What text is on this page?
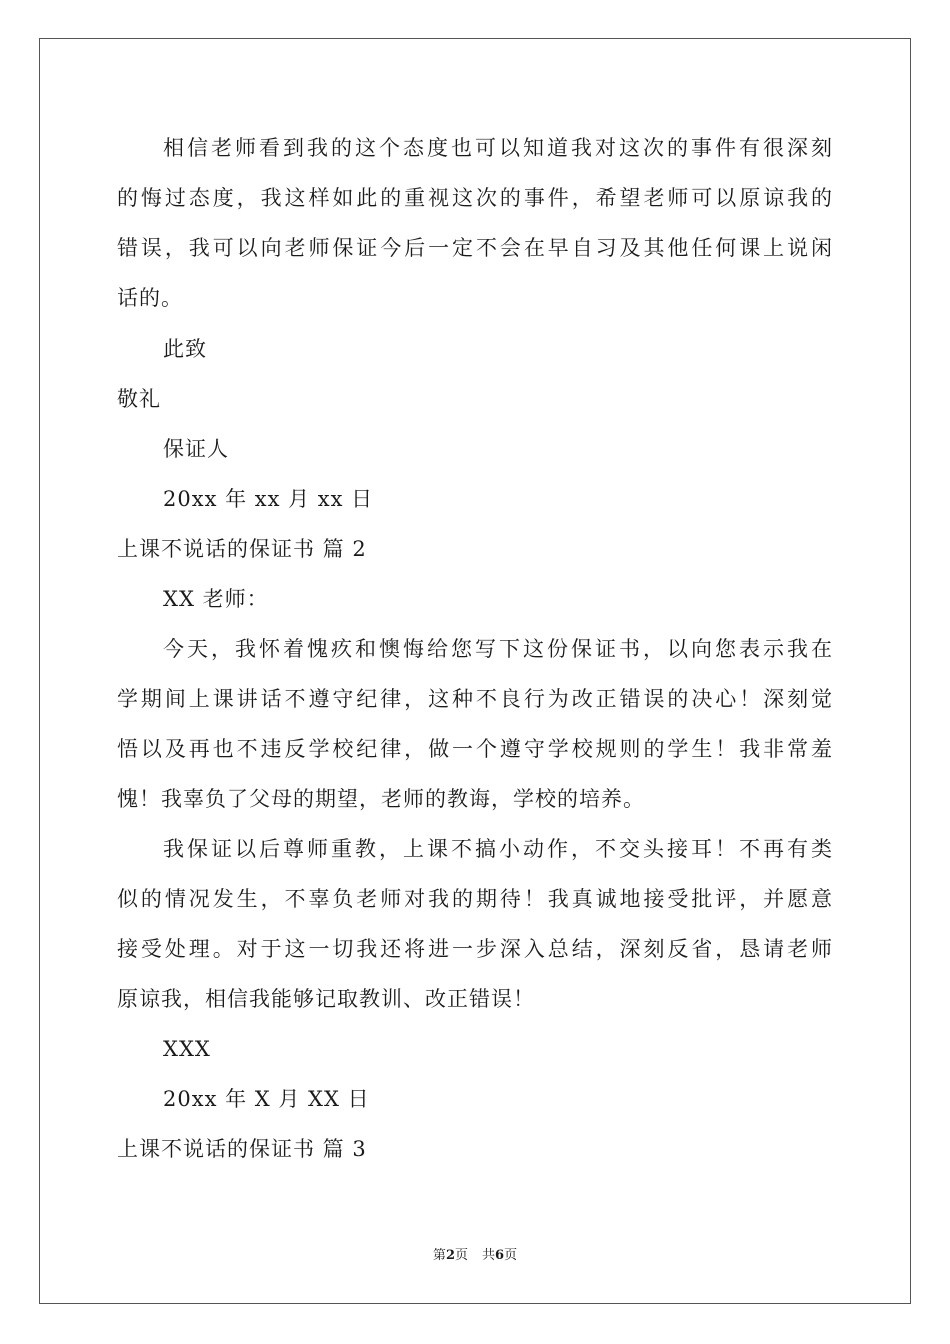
相信老师看到我的这个态度也可以知道我对这次的事件有很深刻
的悔过态度，我这样如此的重视这次的事件，希望老师可以原谅我的
错误，我可以向老师保证今后一定不会在早自习及其他任何课上说闲
话的。
此致
敬礼
保证人
20xx 年 xx 月 xx 日
上课不说话的保证书 篇 2
XX 老师：
今天，我怀着愧疚和懊悔给您写下这份保证书，以向您表示我在
学期间上课讲话不遵守纪律，这种不良行为改正错误的决心！深刻觉
悟以及再也不违反学校纪律，做一个遵守学校规则的学生！我非常羞
愧！我辜负了父母的期望，老师的教诲，学校的培养。
我保证以后尊师重教，上课不搞小动作，不交头接耳！不再有类
似的情况发生，不辜负老师对我的期待！我真诚地接受批评，并愿意
接受处理。对于这一切我还将进一步深入总结，深刻反省，恳请老师
原谅我，相信我能够记取教训、改正错误！
XXX
20xx 年 X 月 XX 日
上课不说话的保证书 篇 3
第2页 共6页
